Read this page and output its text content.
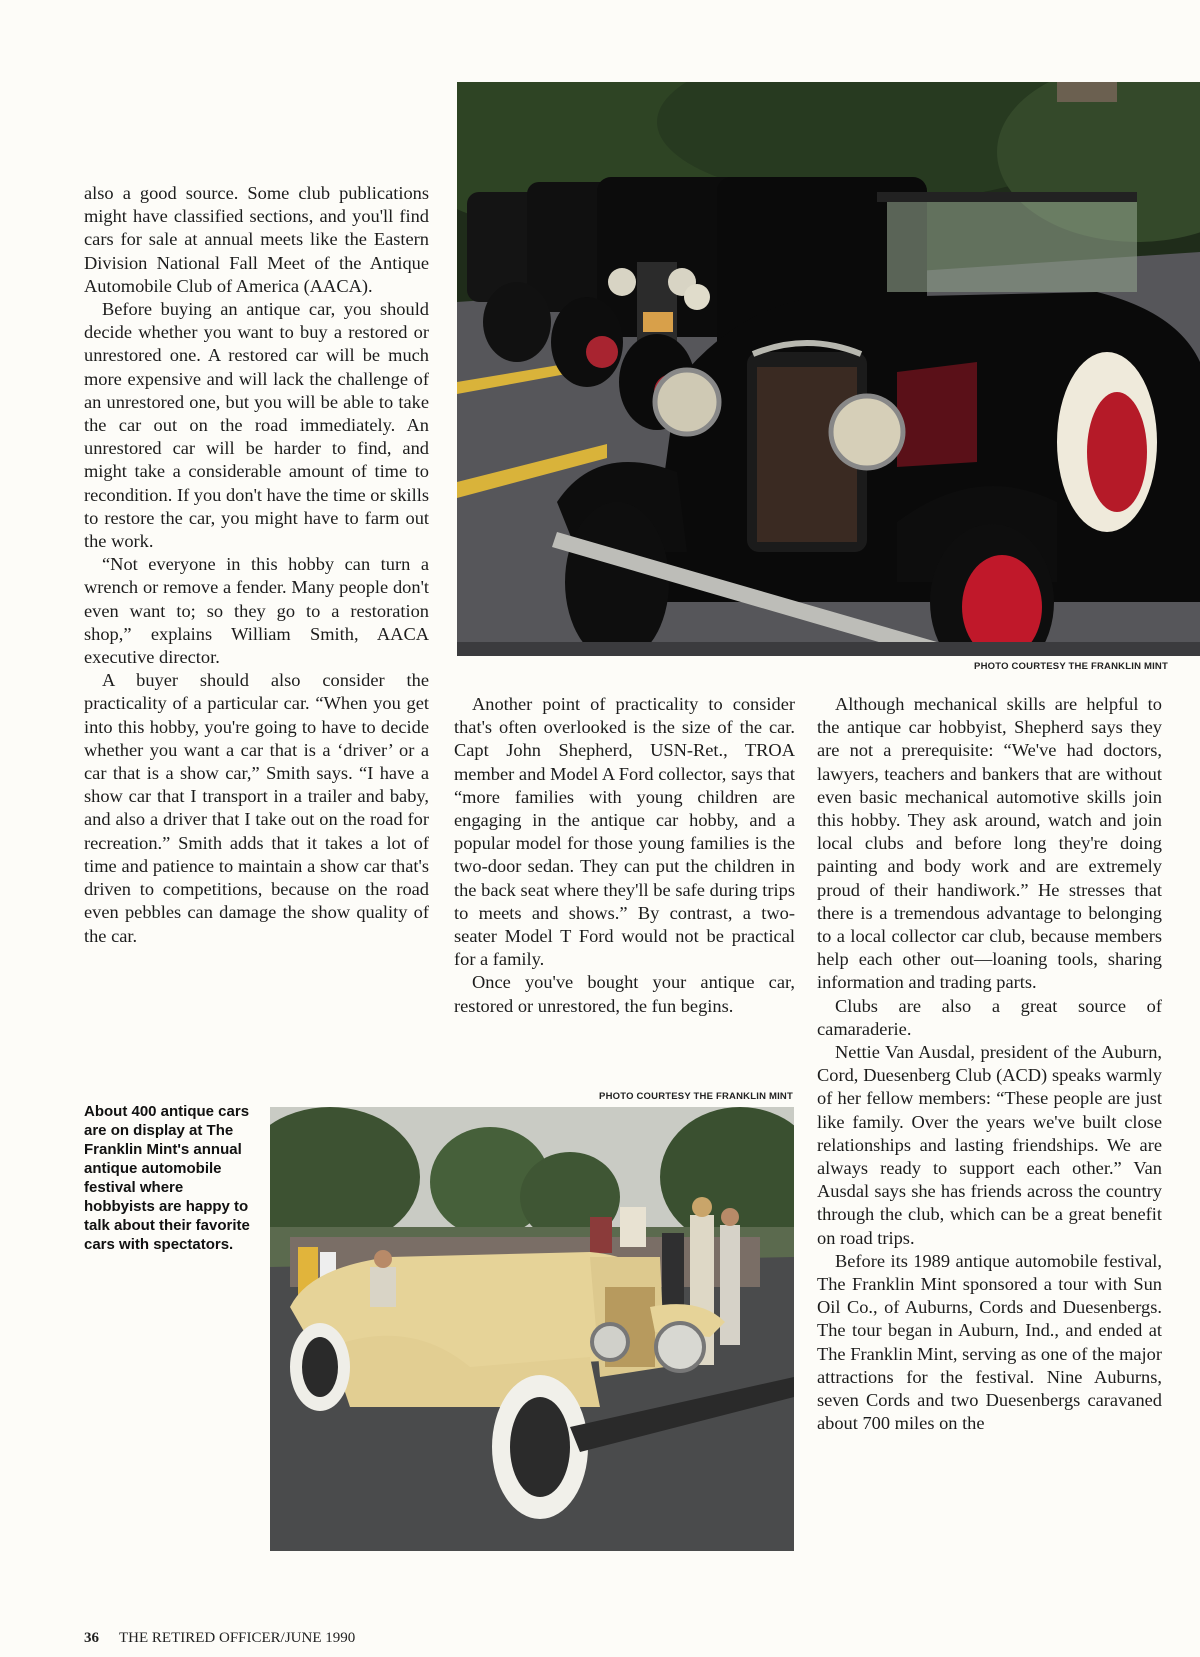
also a good source. Some club publications might have classified sections, and you'll find cars for sale at annual meets like the Eastern Division National Fall Meet of the Antique Automobile Club of America (AACA).

Before buying an antique car, you should decide whether you want to buy a restored or unrestored one. A restored car will be much more expensive and will lack the challenge of an unrestored one, but you will be able to take the car out on the road immediately. An unrestored car will be harder to find, and might take a considerable amount of time to recondition. If you don't have the time or skills to restore the car, you might have to farm out the work.

“Not everyone in this hobby can turn a wrench or remove a fender. Many people don't even want to; so they go to a restoration shop,” explains William Smith, AACA executive director.

A buyer should also consider the practicality of a particular car. “When you get into this hobby, you're going to have to decide whether you want a car that is a ‘driver’ or a car that is a show car,” Smith says. “I have a show car that I transport in a trailer and baby, and also a driver that I take out on the road for recreation.” Smith adds that it takes a lot of time and patience to maintain a show car that's driven to competitions, because on the road even pebbles can damage the show quality of the car.

PHOTO COURTESY THE FRANKLIN MINT

Another point of practicality to consider that's often overlooked is the size of the car. Capt John Shepherd, USN-Ret., TROA member and Model A Ford collector, says that “more families with young children are engaging in the antique car hobby, and a popular model for those young families is the two-door sedan. They can put the children in the back seat where they'll be safe during trips to meets and shows.” By contrast, a two-seater Model T Ford would not be practical for a family.

Once you've bought your antique car, restored or unrestored, the fun begins.

Although mechanical skills are helpful to the antique car hobbyist, Shepherd says they are not a prerequisite: “We've had doctors, lawyers, teachers and bankers that are without even basic mechanical automotive skills join this hobby. They ask around, watch and join local clubs and before long they're doing painting and body work and are extremely proud of their handiwork.” He stresses that there is a tremendous advantage to belonging to a local collector car club, because members help each other out—loaning tools, sharing information and trading parts.

Clubs are also a great source of camaraderie.

Nettie Van Ausdal, president of the Auburn, Cord, Duesenberg Club (ACD) speaks warmly of her fellow members: “These people are just like family. Over the years we've built close relationships and lasting friendships. We are always ready to support each other.” Van Ausdal says she has friends across the country through the club, which can be a great benefit on road trips.

Before its 1989 antique automobile festival, The Franklin Mint sponsored a tour with Sun Oil Co., of Auburns, Cords and Duesenbergs. The tour began in Auburn, Ind., and ended at The Franklin Mint, serving as one of the major attractions for the festival. Nine Auburns, seven Cords and two Duesenbergs caravaned about 700 miles on the

PHOTO COURTESY THE FRANKLIN MINT
About 400 antique cars are on display at The Franklin Mint's annual antique automobile festival where hobbyists are happy to talk about their favorite cars with spectators.
36 THE RETIRED OFFICER/JUNE 1990
